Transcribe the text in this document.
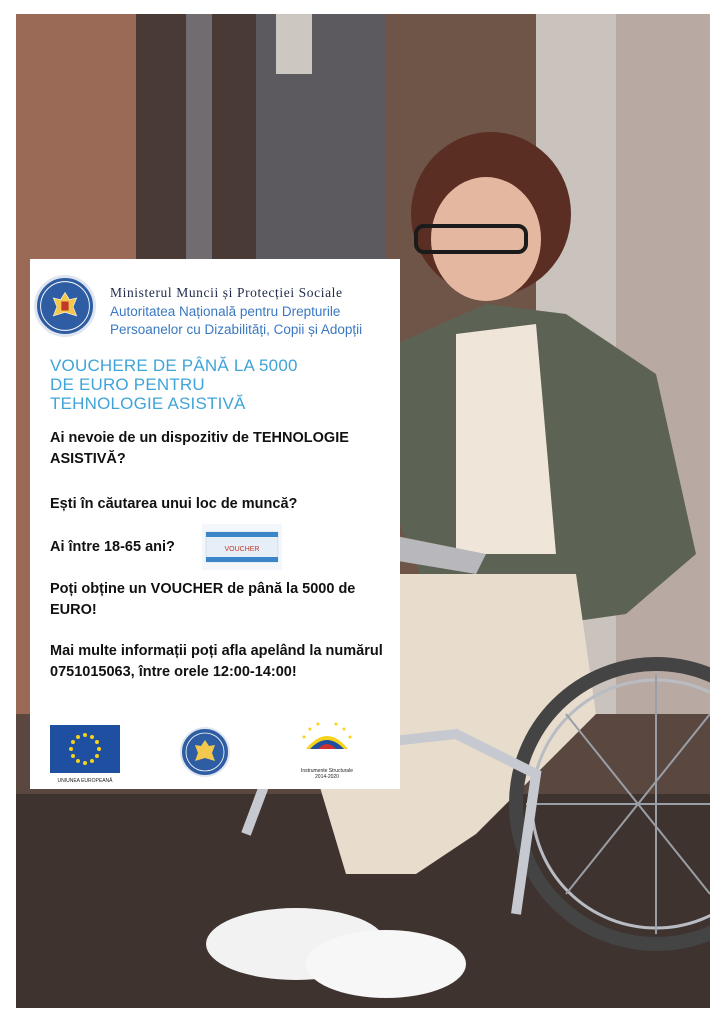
Ministerul Muncii și Protecției Sociale
Autoritatea Națională pentru Drepturile
Persoanelor cu Dizabilități, Copii și Adopții
VOUCHERE DE PÂNĂ LA 5000
DE EURO PENTRU
TEHNOLOGIE ASISTIVĂ
Ai nevoie de un dispozitiv de TEHNOLOGIE ASISTIVĂ?
Ești în căutarea unui loc de muncă?
Ai între 18-65 ani?	VOUCHER
Poți obține un VOUCHER de până la 5000 de EURO!
Mai multe informații poți afla apelând la numărul 0751015063, între orele 12:00-14:00!
UNIUNEA EUROPEANĂ
Instrumente Structurale
2014-2020
